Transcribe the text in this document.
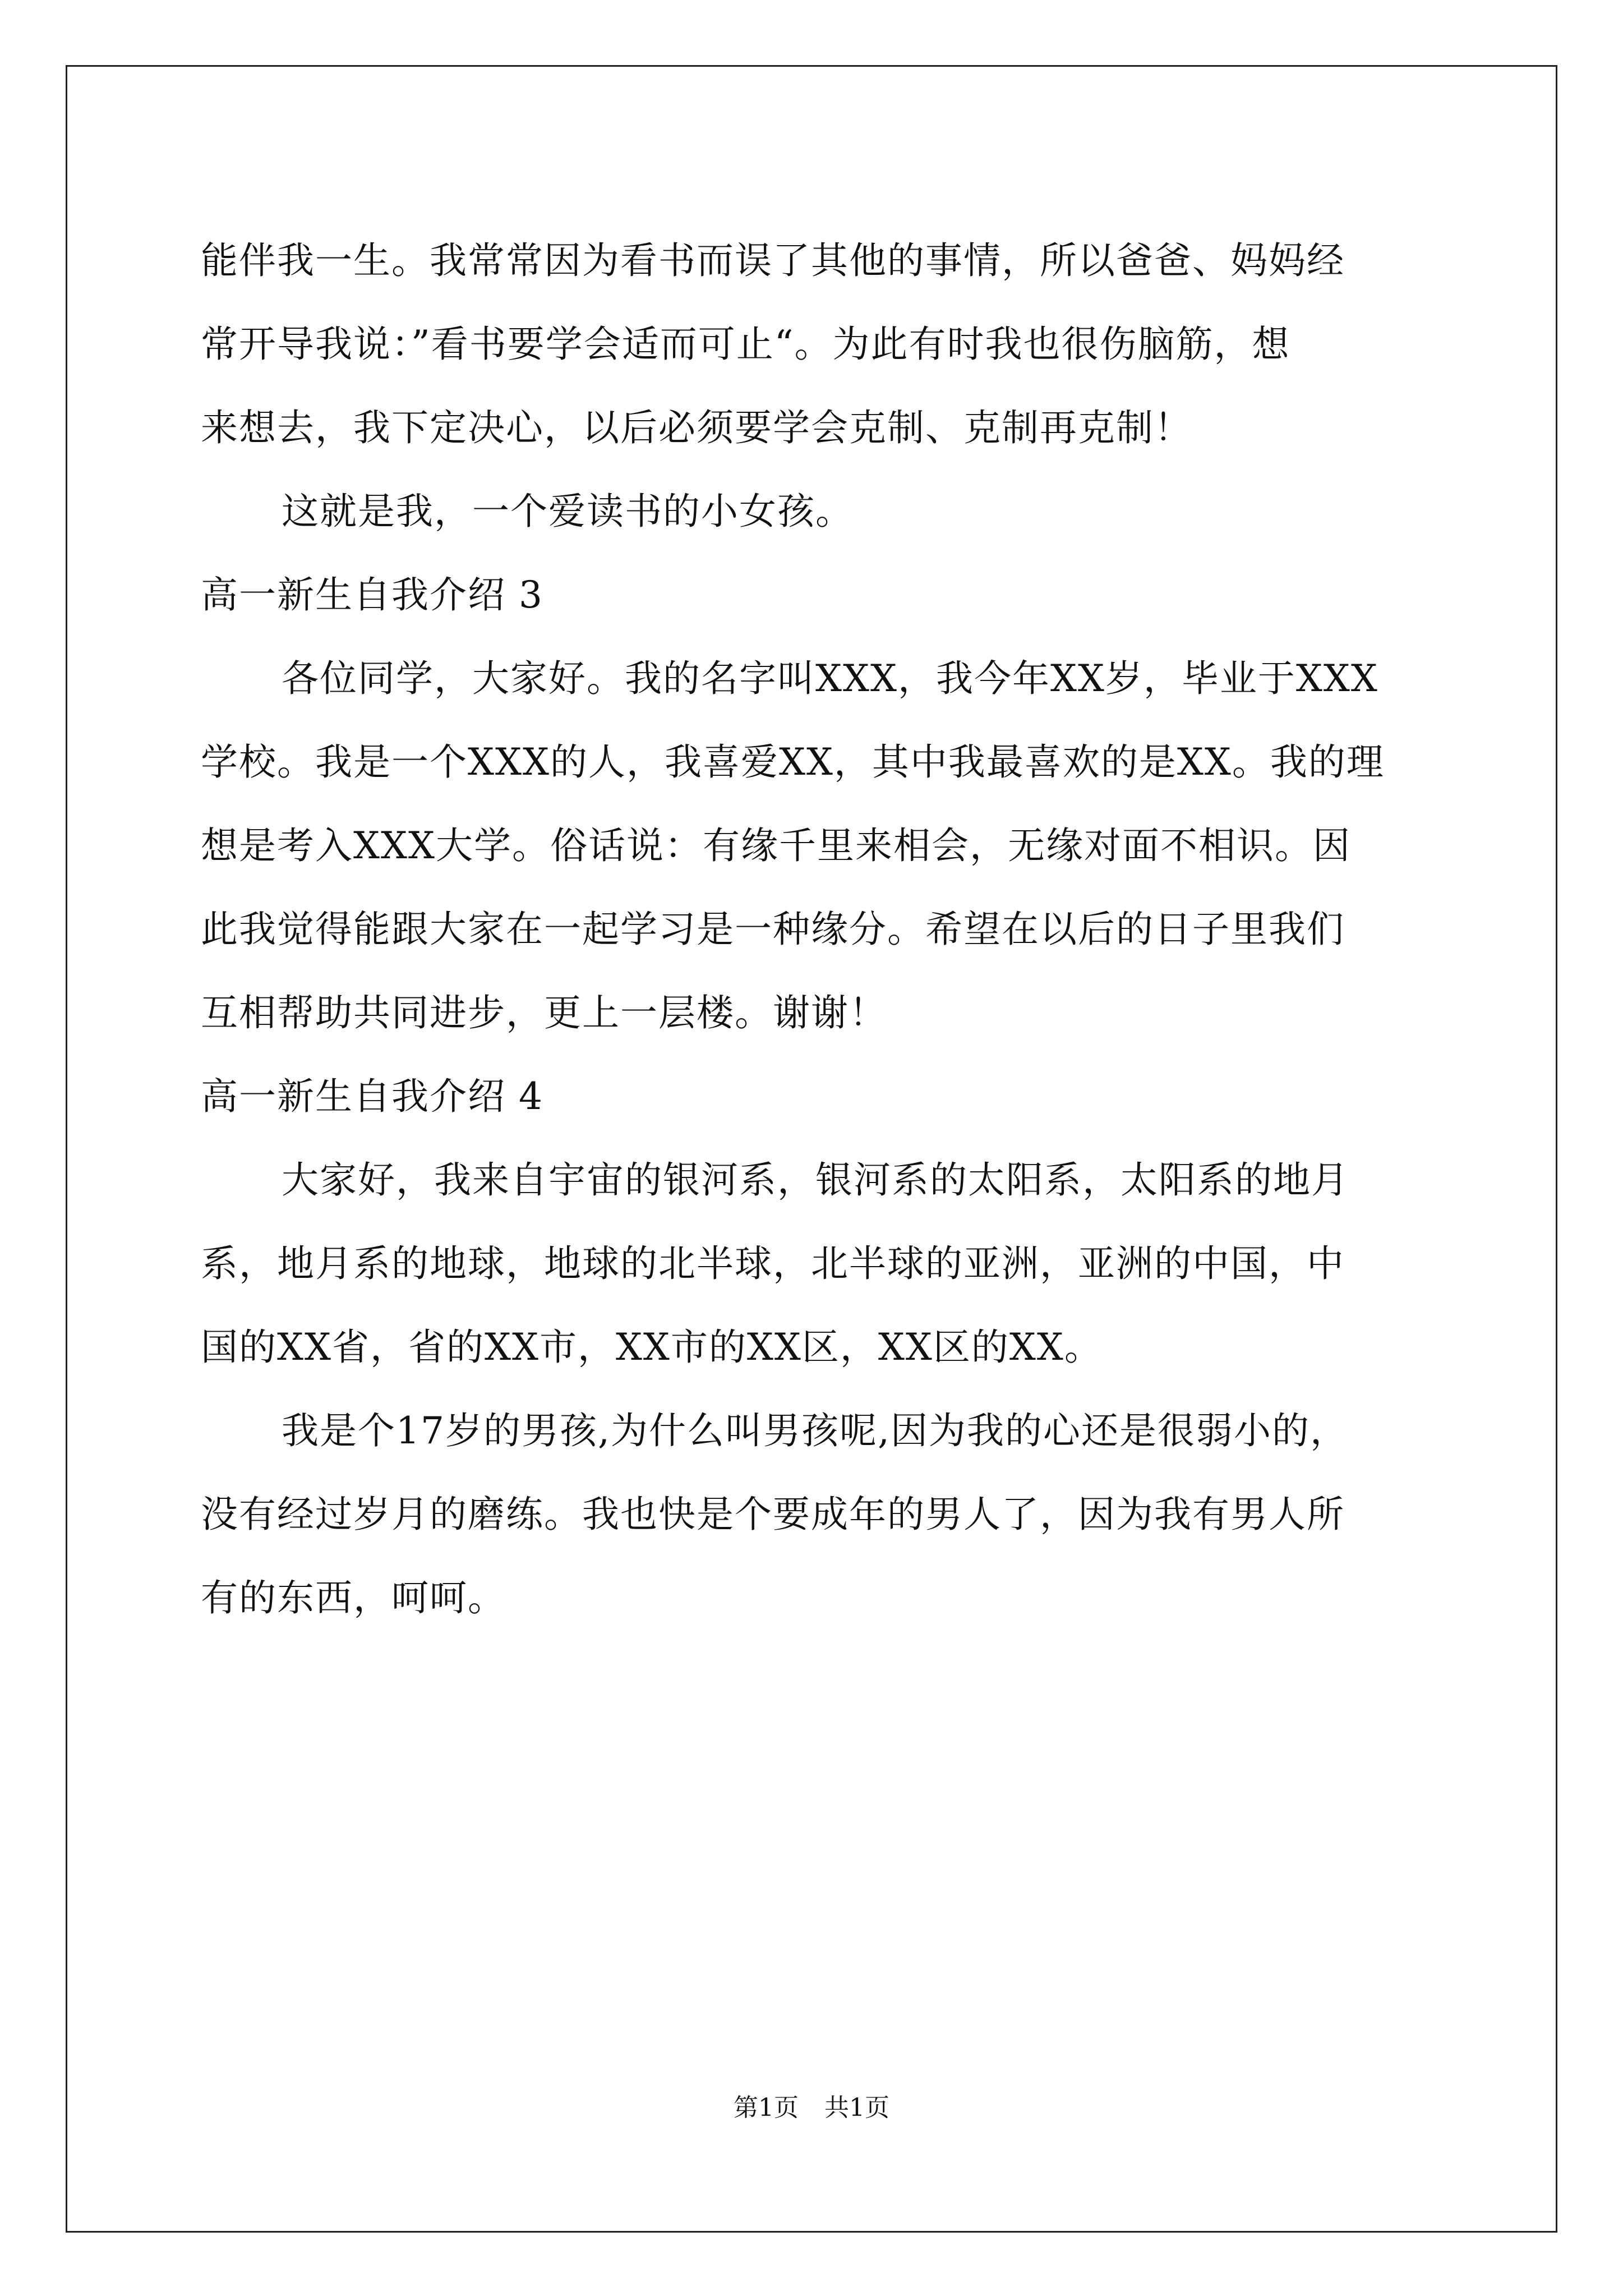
能伴我一生。我常常因为看书而误了其他的事情，所以爸爸、妈妈经
常开导我说：”看书要学会适而可止“。为此有时我也很伤脑筋，想
来想去，我下定决心，以后必须要学会克制、克制再克制！
这就是我，一个爱读书的小女孩。
高一新生自我介绍 3
各位同学，大家好。我的名字叫XXX，我今年XX岁，毕业于XXX
学校。我是一个XXX的人，我喜爱XX，其中我最喜欢的是XX。我的理
想是考入XXX大学。俗话说：有缘千里来相会，无缘对面不相识。因
此我觉得能跟大家在一起学习是一种缘分。希望在以后的日子里我们
互相帮助共同进步，更上一层楼。谢谢！
高一新生自我介绍 4
大家好，我来自宇宙的银河系，银河系的太阳系，太阳系的地月
系，地月系的地球，地球的北半球，北半球的亚洲，亚洲的中国，中
国的XX省，省的XX市，XX市的XX区，XX区的XX。
我是个17岁的男孩,为什么叫男孩呢,因为我的心还是很弱小的，
没有经过岁月的磨练。我也快是个要成年的男人了，因为我有男人所
有的东西，呵呵。
第1页 共1页
